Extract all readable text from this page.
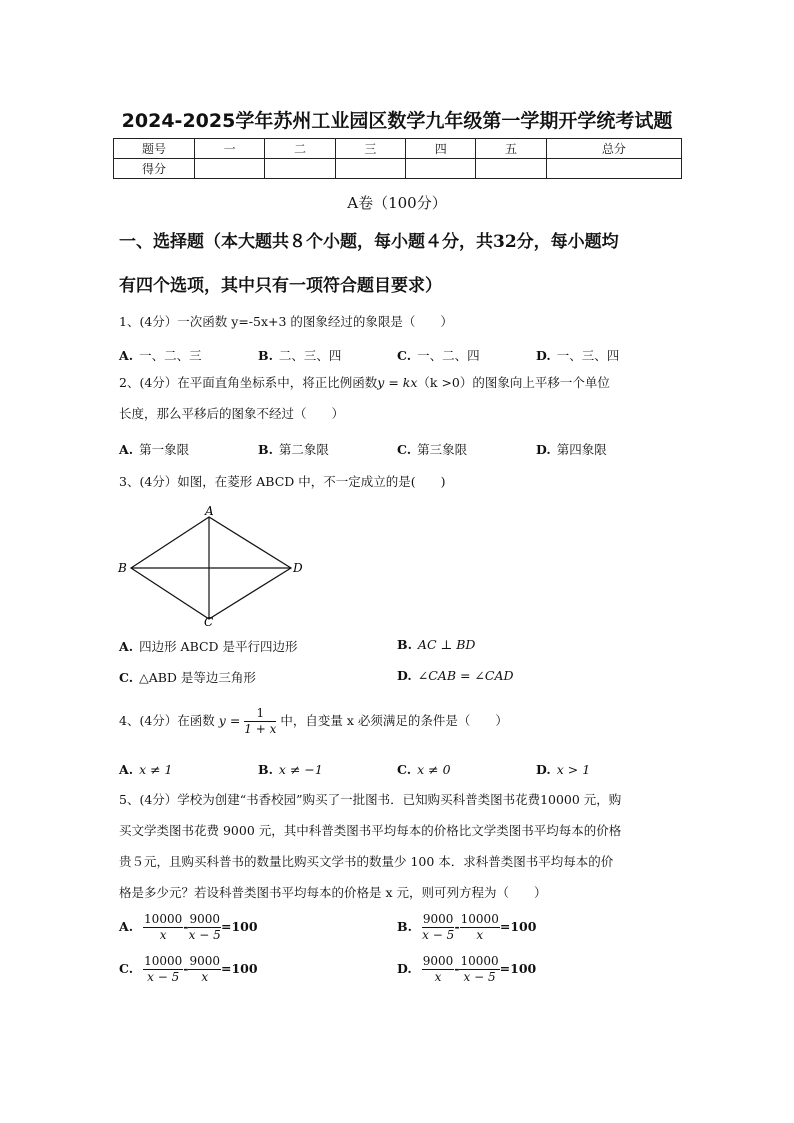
2024-2025学年苏州工业园区数学九年级第一学期开学统考试题
题号	一	二	三	四	五	总分
得分						
A卷（100分）
一、选择题（本大题共８个小题，每小题４分，共32分，每小题均
有四个选项，其中只有一项符合题目要求）
1、(4分）一次函数 y=-5x+3 的图象经过的象限是（　　）
A. 一、二、三	B. 二、三、四	C. 一、二、四	D. 一、三、四
2、(4分）在平面直角坐标系中，将正比例函数y = kx（k >0）的图象向上平移一个单位
长度，那么平移后的图象不经过（　　）
A. 第一象限	B. 第二象限	C. 第三象限	D. 第四象限
3、(4分）如图，在菱形 ABCD 中，不一定成立的是(　　)
A
B
C
D
A. 四边形 ABCD 是平行四边形	B. AC ⊥ BD
C. △ABD 是等边三角形	D. ∠CAB = ∠CAD
4、(4分）在函数 $y = \frac{1}{1 + x}$ 中，自变量 x 必须满足的条件是（　　）
A. x ≠ 1	B. x ≠ −1	C. x ≠ 0	D. x > 1
5、(4分）学校为创建“书香校园”购买了一批图书．已知购买科普类图书花费10000 元，购
买文学类图书花费 9000 元，其中科普类图书平均每本的价格比文学类图书平均每本的价格
贵５元，且购买科普书的数量比购买文学书的数量少 100 本．求科普类图书平均每本的价
格是多少元？若设科普类图书平均每本的价格是 x 元，则可列方程为（　　）
A. $\frac{10000}{x} - \frac{9000}{x - 5} =100$	B. $\frac{9000}{x - 5} - \frac{10000}{x} =100$
C. $\frac{10000}{x - 5} - \frac{9000}{x} =100$	D. $\frac{9000}{x} - \frac{10000}{x - 5} =100$
